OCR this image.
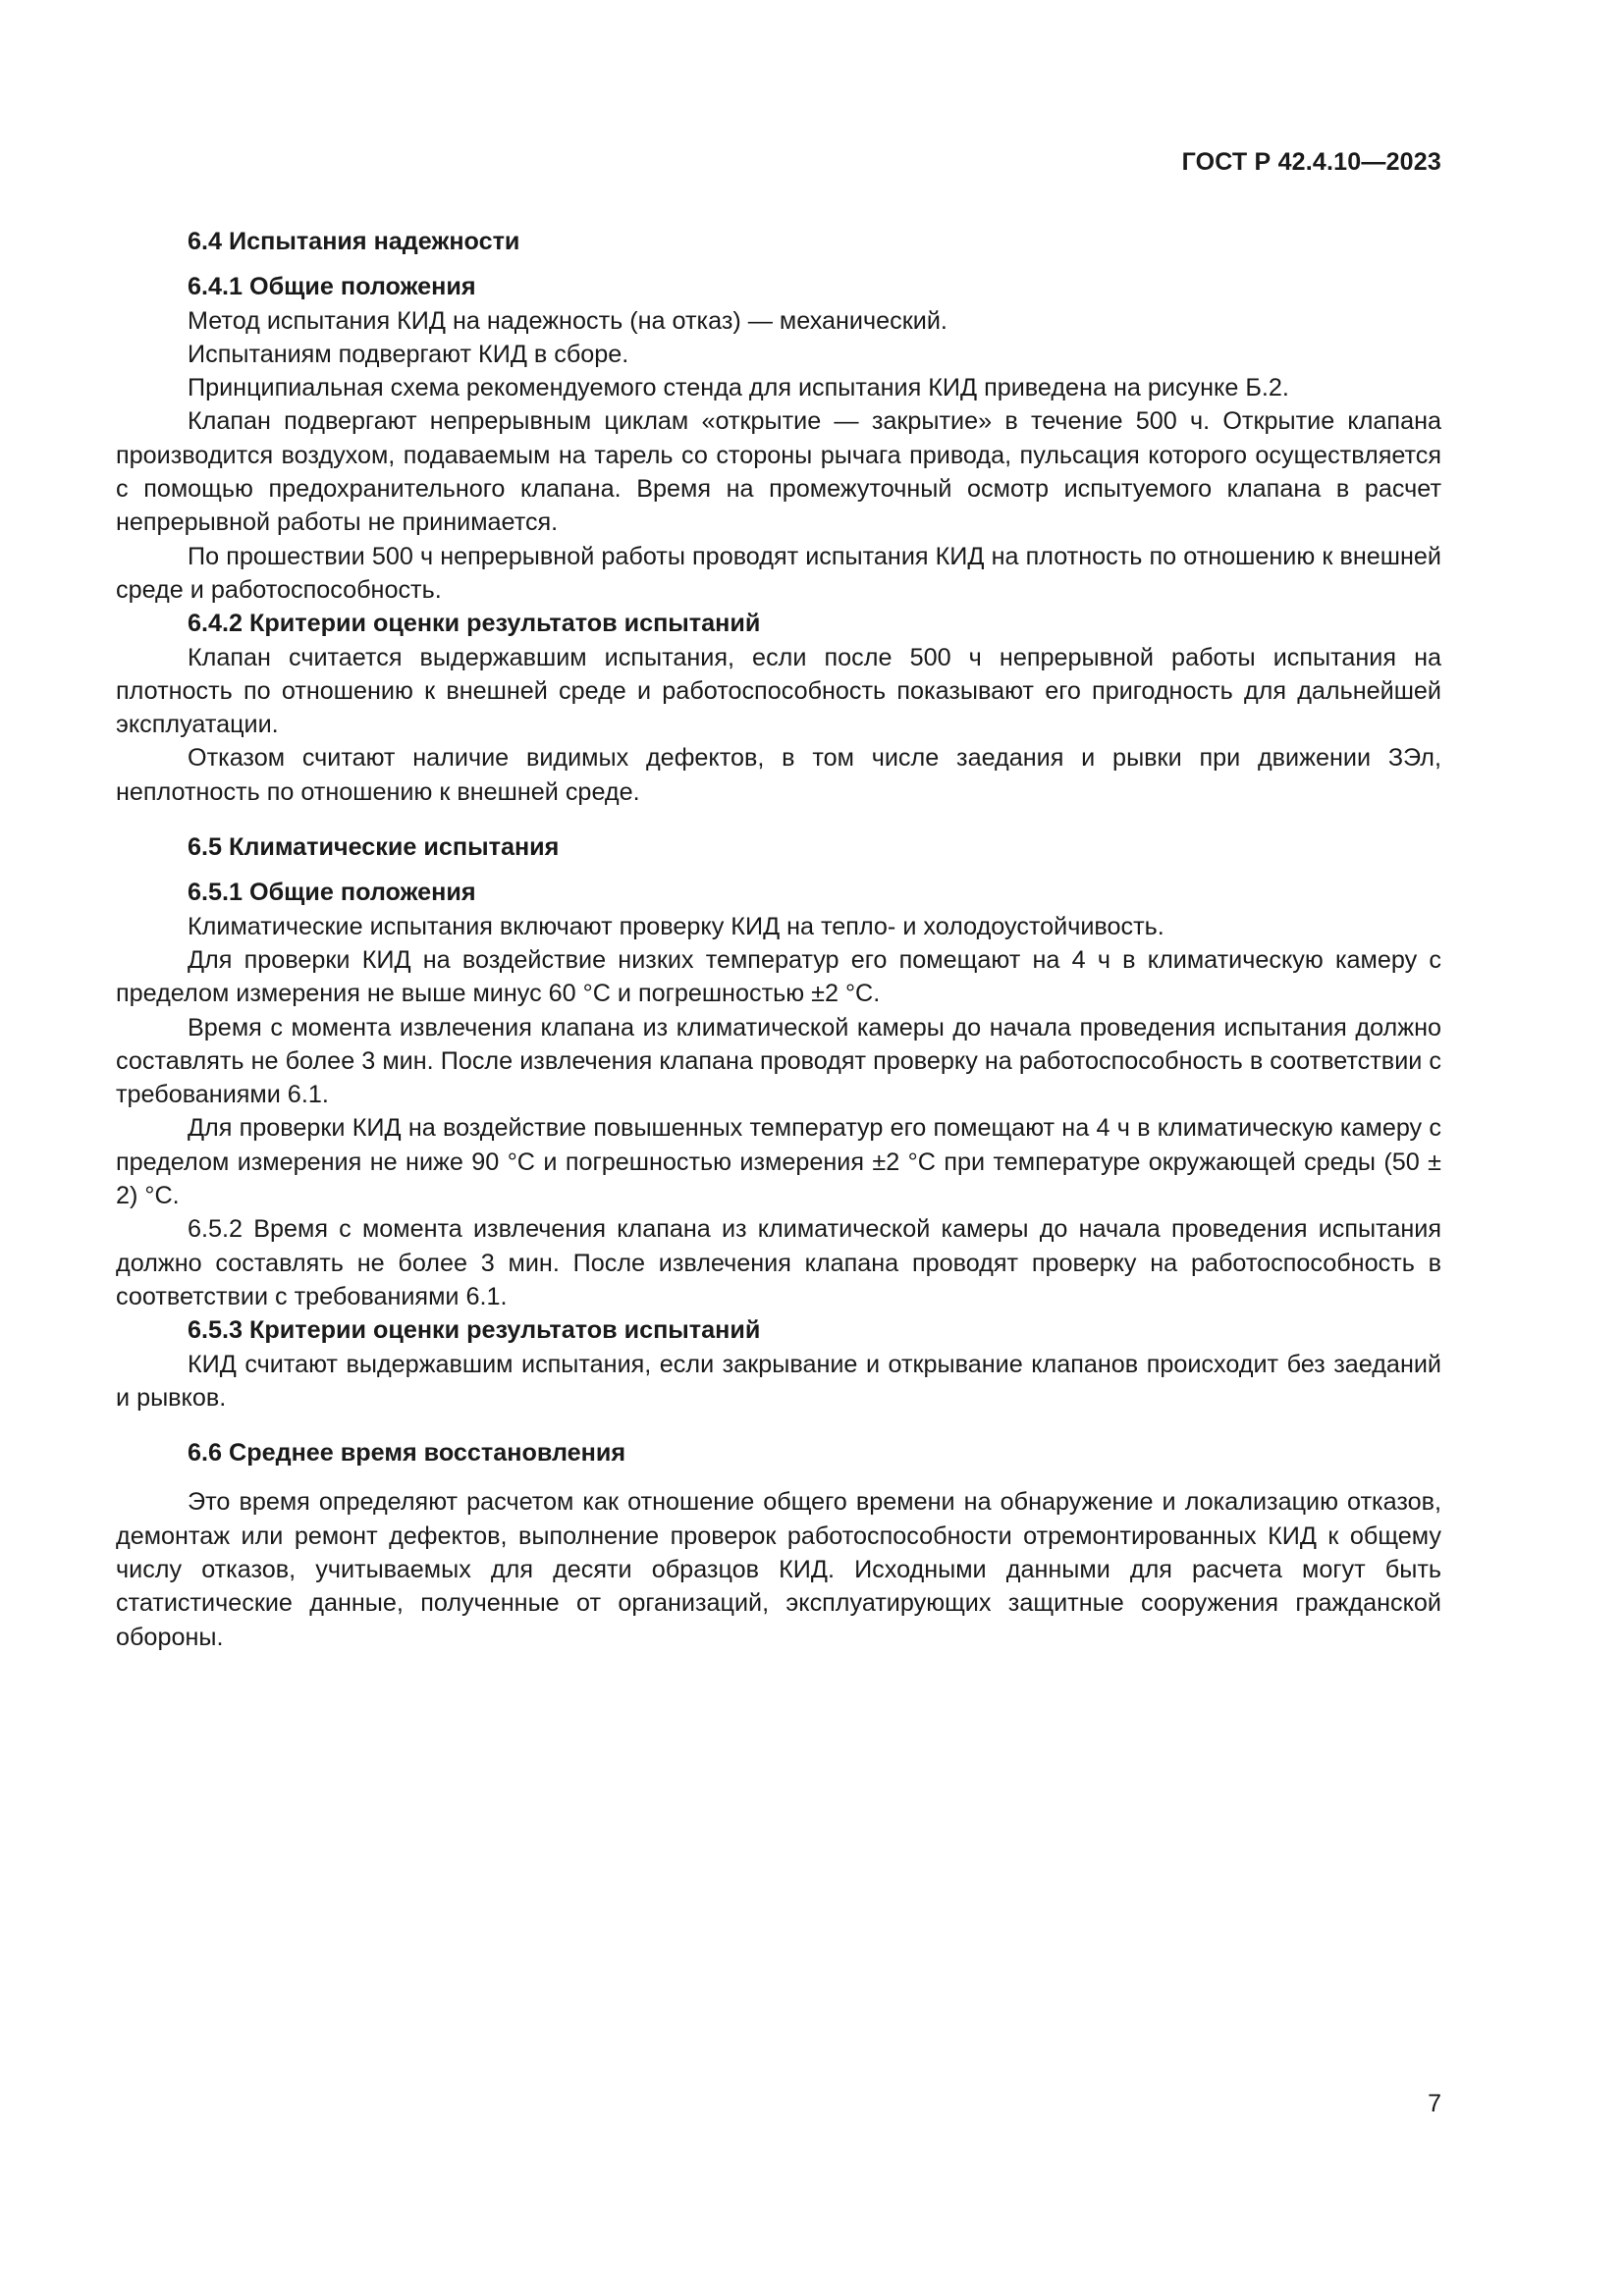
ГОСТ Р 42.4.10—2023
6.4 Испытания надежности
6.4.1 Общие положения

Метод испытания КИД на надежность (на отказ) — механический.

Испытаниям подвергают КИД в сборе.

Принципиальная схема рекомендуемого стенда для испытания КИД приведена на рисунке Б.2.

Клапан подвергают непрерывным циклам «открытие — закрытие» в течение 500 ч. Открытие клапана производится воздухом, подаваемым на тарель со стороны рычага привода, пульсация которого осуществляется с помощью предохранительного клапана. Время на промежуточный осмотр испытуемого клапана в расчет непрерывной работы не принимается.

По прошествии 500 ч непрерывной работы проводят испытания КИД на плотность по отношению к внешней среде и работоспособность.

6.4.2 Критерии оценки результатов испытаний

Клапан считается выдержавшим испытания, если после 500 ч непрерывной работы испытания на плотность по отношению к внешней среде и работоспособность показывают его пригодность для дальнейшей эксплуатации.

Отказом считают наличие видимых дефектов, в том числе заедания и рывки при движении ЗЭл, неплотность по отношению к внешней среде.

6.5 Климатические испытания
6.5.1 Общие положения

Климатические испытания включают проверку КИД на тепло- и холодоустойчивость.

Для проверки КИД на воздействие низких температур его помещают на 4 ч в климатическую камеру с пределом измерения не выше минус 60 °С и погрешностью ±2 °С.

Время с момента извлечения клапана из климатической камеры до начала проведения испытания должно составлять не более 3 мин. После извлечения клапана проводят проверку на работоспособность в соответствии с требованиями 6.1.

Для проверки КИД на воздействие повышенных температур его помещают на 4 ч в климатическую камеру с пределом измерения не ниже 90 °С и погрешностью измерения ±2 °С при температуре окружающей среды (50 ± 2) °С.

6.5.2 Время с момента извлечения клапана из климатической камеры до начала проведения испытания должно составлять не более 3 мин. После извлечения клапана проводят проверку на работоспособность в соответствии с требованиями 6.1.

6.5.3 Критерии оценки результатов испытаний

КИД считают выдержавшим испытания, если закрывание и открывание клапанов происходит без заеданий и рывков.

6.6 Среднее время восстановления

Это время определяют расчетом как отношение общего времени на обнаружение и локализацию отказов, демонтаж или ремонт дефектов, выполнение проверок работоспособности отремонтированных КИД к общему числу отказов, учитываемых для десяти образцов КИД. Исходными данными для расчета могут быть статистические данные, полученные от организаций, эксплуатирующих защитные сооружения гражданской обороны.

7
